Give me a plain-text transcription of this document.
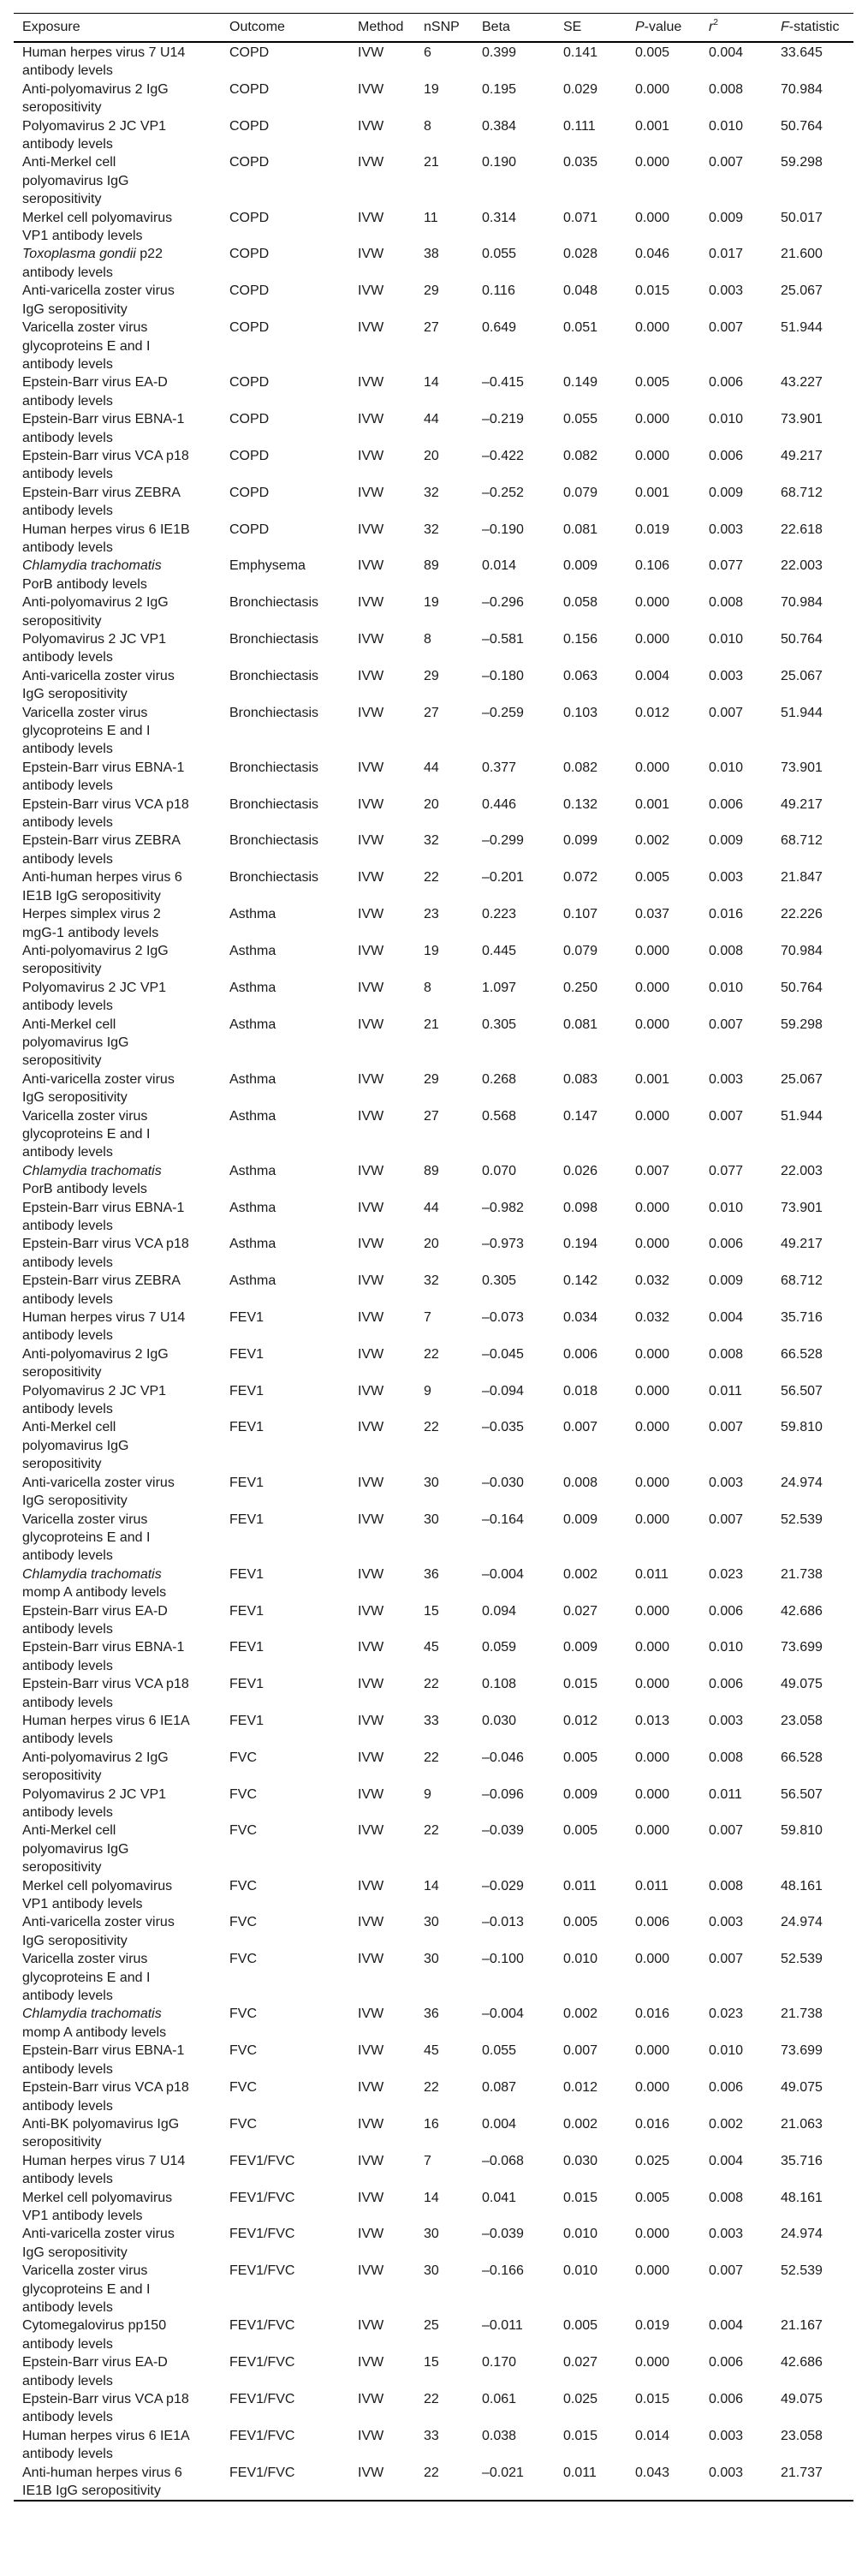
Exposure	Outcome	Method	nSNP	Beta	SE	P-value	$r^2$	F-statistic
Human herpes virus 7 U14
antibody levels
COPD	IVW	6	0.399	0.141	0.005	0.004	33.645
Anti-polyomavirus 2 IgG
seropositivity
COPD	IVW	19	0.195	0.029	0.000	0.008	70.984
Polyomavirus 2 JC VP1
antibody levels
COPD	IVW	8	0.384	0.111	0.001	0.010	50.764
Anti-Merkel cell
polyomavirus IgG
seropositivity
COPD	IVW	21	0.190	0.035	0.000	0.007	59.298
Merkel cell polyomavirus
VP1 antibody levels
COPD	IVW	11	0.314	0.071	0.000	0.009	50.017
Toxoplasma gondii p22
antibody levels
COPD	IVW	38	0.055	0.028	0.046	0.017	21.600
Anti-varicella zoster virus
IgG seropositivity
COPD	IVW	29	0.116	0.048	0.015	0.003	25.067
Varicella zoster virus
glycoproteins E and I
antibody levels
COPD	IVW	27	0.649	0.051	0.000	0.007	51.944
Epstein-Barr virus EA-D
antibody levels
COPD	IVW	14	–0.415	0.149	0.005	0.006	43.227
Epstein-Barr virus EBNA-1
antibody levels
COPD	IVW	44	–0.219	0.055	0.000	0.010	73.901
Epstein-Barr virus VCA p18
antibody levels
COPD	IVW	20	–0.422	0.082	0.000	0.006	49.217
Epstein-Barr virus ZEBRA
antibody levels
COPD	IVW	32	–0.252	0.079	0.001	0.009	68.712
Human herpes virus 6 IE1B
antibody levels
COPD	IVW	32	–0.190	0.081	0.019	0.003	22.618
Chlamydia trachomatis
PorB antibody levels
Emphysema	IVW	89	0.014	0.009	0.106	0.077	22.003
Anti-polyomavirus 2 IgG
seropositivity
Bronchiectasis	IVW	19	–0.296	0.058	0.000	0.008	70.984
Polyomavirus 2 JC VP1
antibody levels
Bronchiectasis	IVW	8	–0.581	0.156	0.000	0.010	50.764
Anti-varicella zoster virus
IgG seropositivity
Bronchiectasis	IVW	29	–0.180	0.063	0.004	0.003	25.067
Varicella zoster virus
glycoproteins E and I
antibody levels
Bronchiectasis	IVW	27	–0.259	0.103	0.012	0.007	51.944
Epstein-Barr virus EBNA-1
antibody levels
Bronchiectasis	IVW	44	0.377	0.082	0.000	0.010	73.901
Epstein-Barr virus VCA p18
antibody levels
Bronchiectasis	IVW	20	0.446	0.132	0.001	0.006	49.217
Epstein-Barr virus ZEBRA
antibody levels
Bronchiectasis	IVW	32	–0.299	0.099	0.002	0.009	68.712
Anti-human herpes virus 6
IE1B IgG seropositivity
Bronchiectasis	IVW	22	–0.201	0.072	0.005	0.003	21.847
Herpes simplex virus 2
mgG-1 antibody levels
Asthma	IVW	23	0.223	0.107	0.037	0.016	22.226
Anti-polyomavirus 2 IgG
seropositivity
Asthma	IVW	19	0.445	0.079	0.000	0.008	70.984
Polyomavirus 2 JC VP1
antibody levels
Asthma	IVW	8	1.097	0.250	0.000	0.010	50.764
Anti-Merkel cell
polyomavirus IgG
seropositivity
Asthma	IVW	21	0.305	0.081	0.000	0.007	59.298
Anti-varicella zoster virus
IgG seropositivity
Asthma	IVW	29	0.268	0.083	0.001	0.003	25.067
Varicella zoster virus
glycoproteins E and I
antibody levels
Asthma	IVW	27	0.568	0.147	0.000	0.007	51.944
Chlamydia trachomatis
PorB antibody levels
Asthma	IVW	89	0.070	0.026	0.007	0.077	22.003
Epstein-Barr virus EBNA-1
antibody levels
Asthma	IVW	44	–0.982	0.098	0.000	0.010	73.901
Epstein-Barr virus VCA p18
antibody levels
Asthma	IVW	20	–0.973	0.194	0.000	0.006	49.217
Epstein-Barr virus ZEBRA
antibody levels
Asthma	IVW	32	0.305	0.142	0.032	0.009	68.712
Human herpes virus 7 U14
antibody levels
FEV1	IVW	7	–0.073	0.034	0.032	0.004	35.716
Anti-polyomavirus 2 IgG
seropositivity
FEV1	IVW	22	–0.045	0.006	0.000	0.008	66.528
Polyomavirus 2 JC VP1
antibody levels
FEV1	IVW	9	–0.094	0.018	0.000	0.011	56.507
Anti-Merkel cell
polyomavirus IgG
seropositivity
FEV1	IVW	22	–0.035	0.007	0.000	0.007	59.810
Anti-varicella zoster virus
IgG seropositivity
FEV1	IVW	30	–0.030	0.008	0.000	0.003	24.974
Varicella zoster virus
glycoproteins E and I
antibody levels
FEV1	IVW	30	–0.164	0.009	0.000	0.007	52.539
Chlamydia trachomatis
momp A antibody levels
FEV1	IVW	36	–0.004	0.002	0.011	0.023	21.738
Epstein-Barr virus EA-D
antibody levels
FEV1	IVW	15	0.094	0.027	0.000	0.006	42.686
Epstein-Barr virus EBNA-1
antibody levels
FEV1	IVW	45	0.059	0.009	0.000	0.010	73.699
Epstein-Barr virus VCA p18
antibody levels
FEV1	IVW	22	0.108	0.015	0.000	0.006	49.075
Human herpes virus 6 IE1A
antibody levels
FEV1	IVW	33	0.030	0.012	0.013	0.003	23.058
Anti-polyomavirus 2 IgG
seropositivity
FVC	IVW	22	–0.046	0.005	0.000	0.008	66.528
Polyomavirus 2 JC VP1
antibody levels
FVC	IVW	9	–0.096	0.009	0.000	0.011	56.507
Anti-Merkel cell
polyomavirus IgG
seropositivity
FVC	IVW	22	–0.039	0.005	0.000	0.007	59.810
Merkel cell polyomavirus
VP1 antibody levels
FVC	IVW	14	–0.029	0.011	0.011	0.008	48.161
Anti-varicella zoster virus
IgG seropositivity
FVC	IVW	30	–0.013	0.005	0.006	0.003	24.974
Varicella zoster virus
glycoproteins E and I
antibody levels
FVC	IVW	30	–0.100	0.010	0.000	0.007	52.539
Chlamydia trachomatis
momp A antibody levels
FVC	IVW	36	–0.004	0.002	0.016	0.023	21.738
Epstein-Barr virus EBNA-1
antibody levels
FVC	IVW	45	0.055	0.007	0.000	0.010	73.699
Epstein-Barr virus VCA p18
antibody levels
FVC	IVW	22	0.087	0.012	0.000	0.006	49.075
Anti-BK polyomavirus IgG
seropositivity
FVC	IVW	16	0.004	0.002	0.016	0.002	21.063
Human herpes virus 7 U14
antibody levels
FEV1/FVC	IVW	7	–0.068	0.030	0.025	0.004	35.716
Merkel cell polyomavirus
VP1 antibody levels
FEV1/FVC	IVW	14	0.041	0.015	0.005	0.008	48.161
Anti-varicella zoster virus
IgG seropositivity
FEV1/FVC	IVW	30	–0.039	0.010	0.000	0.003	24.974
Varicella zoster virus
glycoproteins E and I
antibody levels
FEV1/FVC	IVW	30	–0.166	0.010	0.000	0.007	52.539
Cytomegalovirus pp150
antibody levels
FEV1/FVC	IVW	25	–0.011	0.005	0.019	0.004	21.167
Epstein-Barr virus EA-D
antibody levels
FEV1/FVC	IVW	15	0.170	0.027	0.000	0.006	42.686
Epstein-Barr virus VCA p18
antibody levels
FEV1/FVC	IVW	22	0.061	0.025	0.015	0.006	49.075
Human herpes virus 6 IE1A
antibody levels
FEV1/FVC	IVW	33	0.038	0.015	0.014	0.003	23.058
Anti-human herpes virus 6
IE1B IgG seropositivity
FEV1/FVC	IVW	22	–0.021	0.011	0.043	0.003	21.737
